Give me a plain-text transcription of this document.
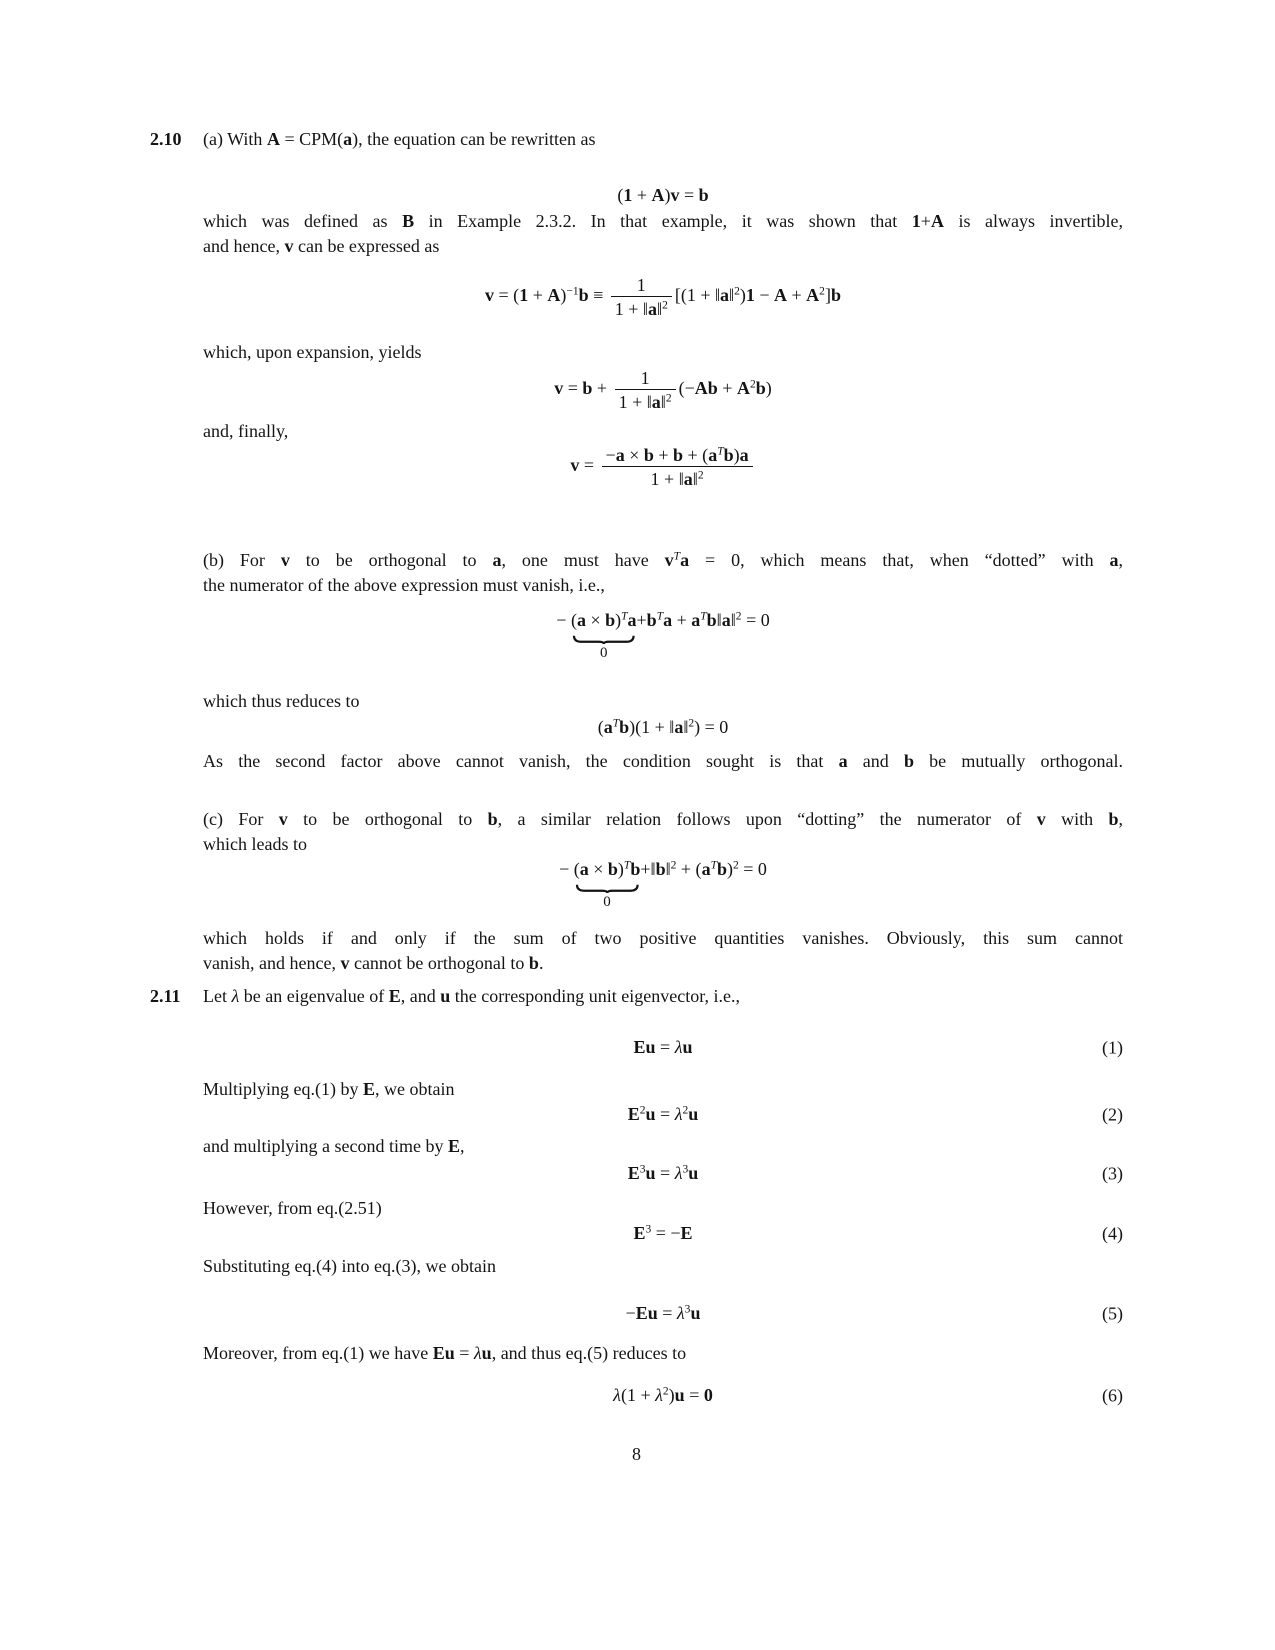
2.10 (a) With A = CPM(a), the equation can be rewritten as

(1 + A)v = b
which was defined as B in Example 2.3.2. In that example, it was shown that 1+A is always invertible,
and hence, v can be expressed as
$v = (1 + A)^{-1}b \equiv \frac{1}{1 + ‖a‖^2} [(1$ + ‖a‖$^2$)1 − $A + A^2]b$

which, upon expansion, yields

$v = b + \frac{1}{1 + ‖a‖^2} (-Ab + A^2b)$

and, finally,

$v = \frac{-a \times b + b + (a^Tb)a}{1 + ‖a‖^2}$
(b) For v to be orthogonal to a, one must have $v^Ta = 0$, which means that, when “dotted” with a,
the numerator of the above expression must vanish, i.e.,
− $(a \times b)^Ta$
0
$+b^Ta$ + $a^Tb‖a‖^2 = 0$

which thus reduces to

$(a^Tb)(1$ + ‖a‖$^2$) = 0
As the second factor above cannot vanish, the condition sought is that a and b be mutually orthogonal.
(c) For v to be orthogonal to b, a similar relation follows upon “dotting” the numerator of v with b,
which leads to
− $(a \times b)^Tb$
0
+‖b‖$^2$ + $(a^Tb)^2 = 0$
which holds if and only if the sum of two positive quantities vanishes. Obviously, this sum cannot
vanish, and hence, v cannot be orthogonal to b.
2.11 Let λ be an eigenvalue of E, and u the corresponding unit eigenvector, i.e.,

Eu = λu	(1)

Multiplying eq.(1) by E, we obtain

$E^2u = \lambda^2u$	(2)

and multiplying a second time by E,

$E^3u = \lambda^3u$	(3)

However, from eq.(2.51)

$E^3 = -E$	(4)

Substituting eq.(4) into eq.(3), we obtain

$-Eu = \lambda^3u$	(5)

Moreover, from eq.(1) we have Eu = λu, and thus eq.(5) reduces to

$\lambda(1 + \lambda^2)u = 0$	(6)
8
